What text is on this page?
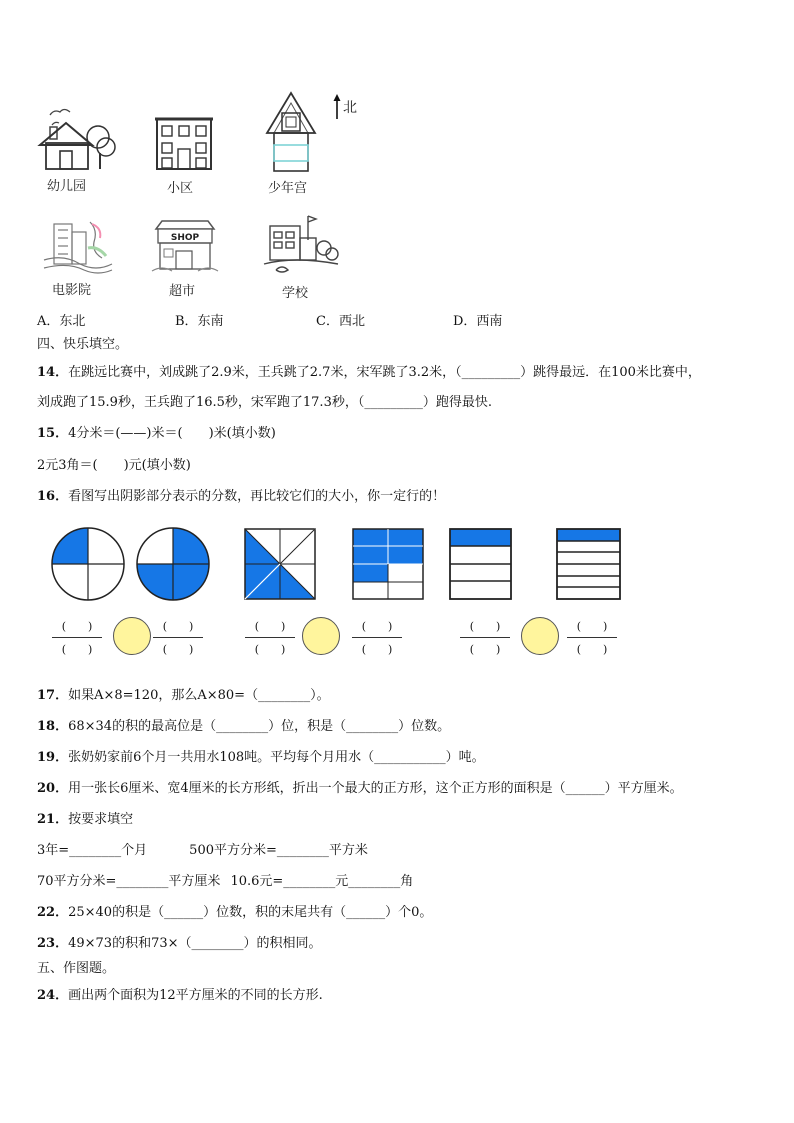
北
幼儿园	小区	少年宫
电影院
SHOP
超市	学校
A．东北	B．东南	C．西北	D．西南
四、快乐填空。
14．在跳远比赛中，刘成跳了2.9米，王兵跳了2.7米，宋军跳了3.2米，（_________）跳得最远．在100米比赛中，
刘成跑了15.9秒，王兵跑了16.5秒，宋军跑了17.3秒，（_________）跑得最快.
15．4分米＝(——)米＝(　　)米(填小数)
2元3角＝(　　)元(填小数)
16．看图写出阴影部分表示的分数，再比较它们的大小，你一定行的！
(　　)
(　　)
(　　)
(　　)
(　　)
(　　)
(　　)
(　　)
(　　)
(　　)
(　　)
(　　)
17．如果A×8=120，那么A×80=（________）。
18．68×34的积的最高位是（________）位，积是（________）位数。
19．张奶奶家前6个月一共用水108吨。平均每个月用水（___________）吨。
20．用一张长6厘米、宽4厘米的长方形纸，折出一个最大的正方形，这个正方形的面积是（______）平方厘米。
21．按要求填空
3年=________个月	500平方分米=________平方米
70平方分米=________平方厘米 10.6元=________元________角
22．25×40的积是（______）位数，积的末尾共有（______）个0。
23．49×73的积和73×（________）的积相同。
五、作图题。
24．画出两个面积为12平方厘米的不同的长方形.
